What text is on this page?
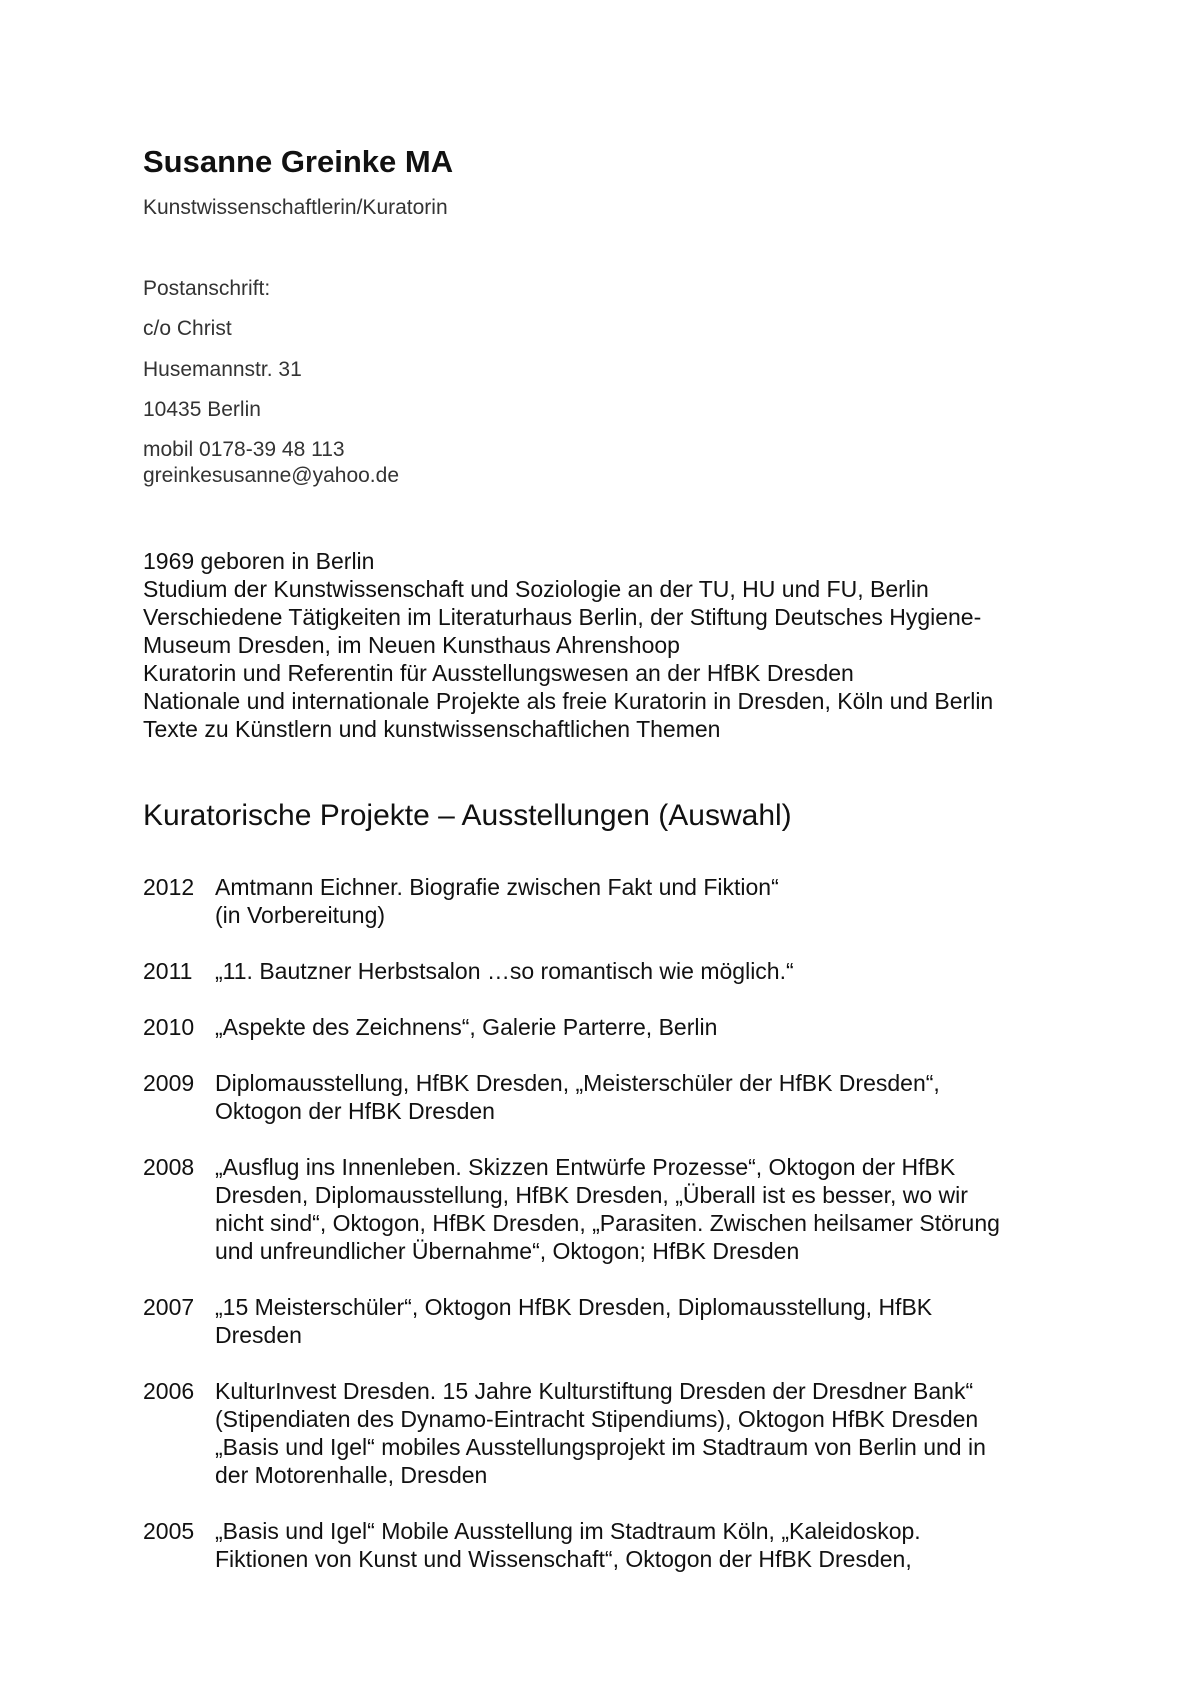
Susanne Greinke MA
Kunstwissenschaftlerin/Kuratorin
Postanschrift:
c/o Christ
Husemannstr. 31
10435 Berlin
mobil 0178-39 48 113
greinkesusanne@yahoo.de
1969 geboren in Berlin
Studium der Kunstwissenschaft und Soziologie an der TU, HU und FU, Berlin
Verschiedene Tätigkeiten im Literaturhaus Berlin, der Stiftung Deutsches Hygiene-
Museum Dresden, im Neuen Kunsthaus Ahrenshoop
Kuratorin und Referentin für Ausstellungswesen an der HfBK Dresden
Nationale und internationale Projekte als freie Kuratorin in Dresden, Köln und Berlin
Texte zu Künstlern und kunstwissenschaftlichen Themen
Kuratorische Projekte – Ausstellungen (Auswahl)
2012 Amtmann Eichner. Biografie zwischen Fakt und Fiktion“
(in Vorbereitung)
2011 „11. Bautzner Herbstsalon …so romantisch wie möglich.“
2010 „Aspekte des Zeichnens“, Galerie Parterre, Berlin
2009 Diplomausstellung, HfBK Dresden, „Meisterschüler der HfBK Dresden“,
Oktogon der HfBK Dresden
2008 „Ausflug ins Innenleben. Skizzen Entwürfe Prozesse“, Oktogon der HfBK
Dresden, Diplomausstellung, HfBK Dresden, „Überall ist es besser, wo wir
nicht sind“, Oktogon, HfBK Dresden, „Parasiten. Zwischen heilsamer Störung
und unfreundlicher Übernahme“, Oktogon; HfBK Dresden
2007 „15 Meisterschüler“, Oktogon HfBK Dresden, Diplomausstellung, HfBK
Dresden
2006 KulturInvest Dresden. 15 Jahre Kulturstiftung Dresden der Dresdner Bank“
(Stipendiaten des Dynamo-Eintracht Stipendiums), Oktogon HfBK Dresden
„Basis und Igel“ mobiles Ausstellungsprojekt im Stadtraum von Berlin und in
der Motorenhalle, Dresden
2005 „Basis und Igel“ Mobile Ausstellung im Stadtraum Köln, „Kaleidoskop.
Fiktionen von Kunst und Wissenschaft“, Oktogon der HfBK Dresden,
